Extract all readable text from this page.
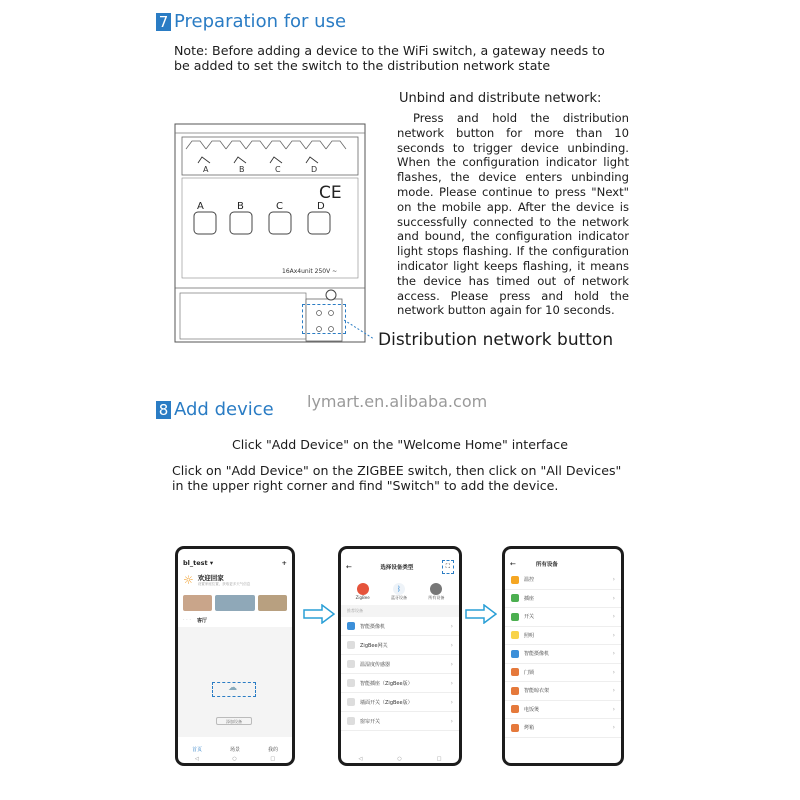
7 Preparation for use
Note: Before adding a device to the WiFi switch, a gateway needs to be added to set the switch to the distribution network state
A	B	C	D
CE
A	B	C	D
16Ax4unit 250V ~
Distribution network button
Unbind and distribute network:
Press and hold the distribution network button for more than 10 seconds to trigger device unbinding. When the configuration indicator light flashes, the device enters unbinding mode. Please continue to press "Next" on the mobile app. After the device is successfully connected to the network and bound, the configuration indicator light stops flashing. If the configuration indicator light keeps flashing, it means the device has timed out of network access. Please press and hold the network button again for 10 seconds.
lymart.en.alibaba.com
8 Add device
Click "Add Device" on the "Welcome Home" interface
Click on "Add Device" on the ZIGBEE switch, then click on "All Devices" in the upper right corner and find "Switch" to add the device.
bl_test ▾	+
☼ 欢迎回家
设置家庭位置，获取更多天气信息
· · · 客厅
☁
添加设备
首页	场景	我的
◁	○	□
←	选择设备类型	⛶
ZigBee
ᛒ
蓝牙设备	所有设备
推荐设备
智能摄像机	›
ZigBee网关	›
温湿度传感器	›
智能插座（ZigBee版）	›
墙面开关（ZigBee版）	›
窗帘开关	›
◁	○	□
←	所有设备
温控	›
插座	›
开关	›
照明	›
智能摄像机	›
门锁	›
智能晾衣架	›
电饭煲	›
烤箱	›
